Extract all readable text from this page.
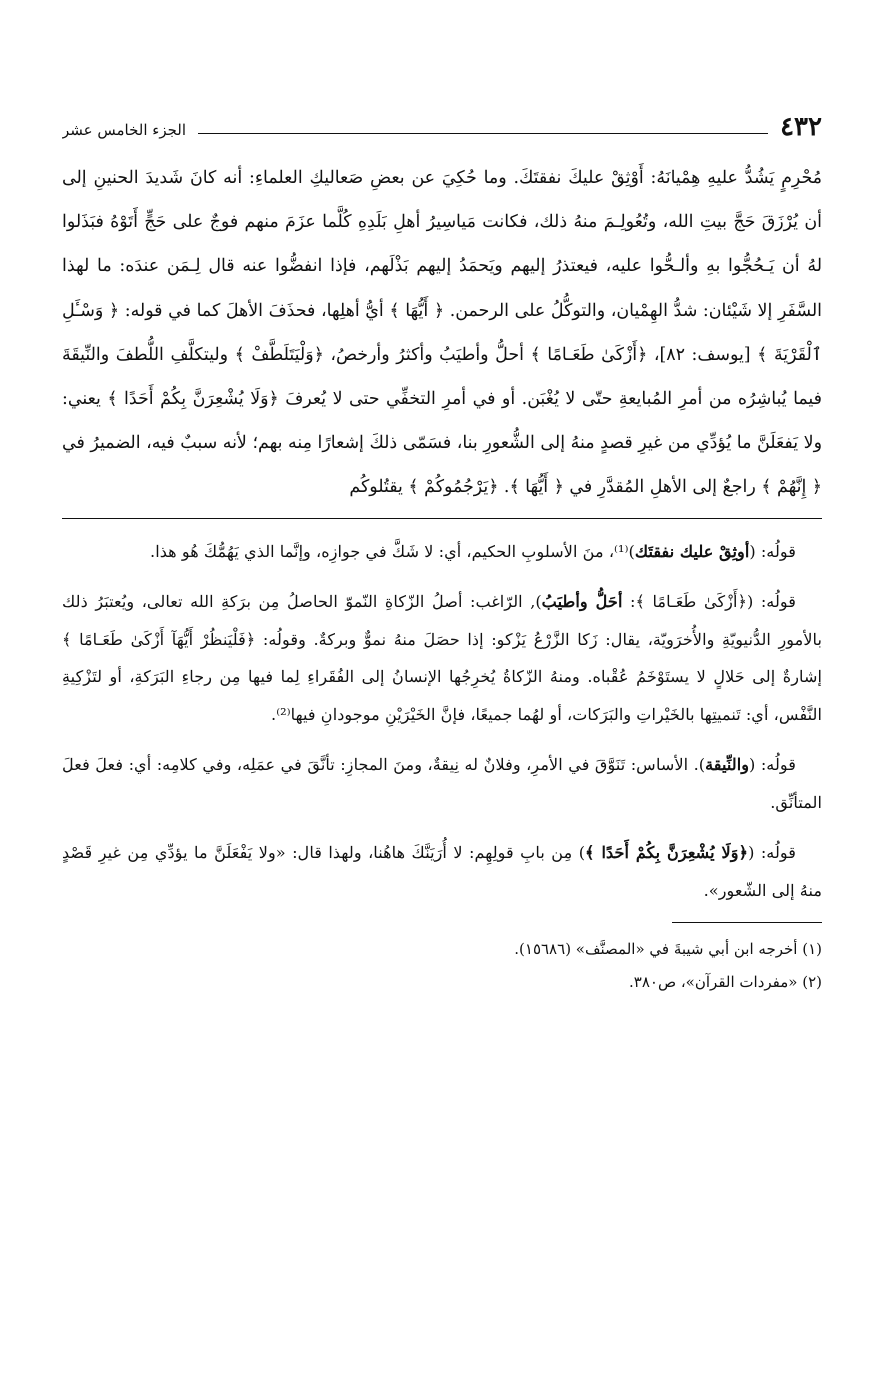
٤٣٢
الجزء الخامس عشر

مُحْرِمٍ يَشُدُّ عليهِ هِمْيانَهُ: أَوْثِقْ عليكَ نفقتَكَ. وما حُكِيَ عن بعضِ صَعاليكِ العلماءِ: أنه كانَ شَديدَ الحنينِ إلى أن يُرْزَقَ حَجَّ بيتِ الله، وتُعُولِـمَ منهُ ذلك، فكانت مَياسِيرُ أهلِ بَلَدِهِ كُلَّما عزَمَ منهم فوجٌ على حَجٍّ أَتَوْهُ فبَذَلوا لهُ أن يَـحُجُّوا بهِ وألـحُّوا عليه، فيعتذرُ إليهم ويَحمَدُ إليهم بَذْلَهم، فإذا انفضُّوا عنه قال لِـمَن عندَه: ما لهذا السَّفَرِ إلا شَيْئان: شدُّ الهِمْيان، والتوكُّلُ على الرحمن. ﴿ أَيُّهَا ﴾ أيُّ أهلِها، فحذَفَ الأهلَ كما في قوله: ﴿ وَسْـَٔلِ ٱلْقَرْيَةَ ﴾ [يوسف: ٨٢]، ﴿أَزْكَىٰ طَعَـامًا ﴾ أحلُّ وأطيَبُ وأكثرُ وأرخصُ، ﴿وَلْيَتَلَطَّفْ ﴾ وليتكلَّفِ اللُّطفَ والنِّيقَةَ فيما يُباشِرُه من أمرِ المُبايعةِ حتّى لا يُغْبَن. أو في أمرِ التخفِّي حتى لا يُعرفَ ﴿وَلَا يُشْعِرَنَّ بِكُمْ أَحَدًا ﴾ يعني: ولا يَفعَلَنَّ ما يُؤدِّي من غيرِ قصدٍ منهُ إلى الشُّعورِ بنا، فسَمّى ذلكَ إشعارًا مِنه بهم؛ لأنه سببٌ فيه، الضميرُ في ﴿ إِنَّهُمْ ﴾ راجعٌ إلى الأهلِ المُقدَّرِ في ﴿ أَيُّهَا ﴾. ﴿يَرْجُمُوكُمْ ﴾ يقتُلوكُم

قولُه: (أوثِقْ عليك نفقتَك)⁽¹⁾، منَ الأسلوبِ الحكيم، أي: لا شَكَّ في جوازِه، وإنَّما الذي يَهُمُّكَ هُو هذا.

قولُه: (﴿أَزْكَىٰ طَعَـامًا ﴾: أحَلُّ وأطيَبُ), الرّاغب: أصلُ الزّكاةِ النّموّ الحاصلُ مِن برَكةِ الله تعالى، ويُعتبَرُ ذلك بالأمورِ الدُّنيويّةِ والأُخرَويّة، يقال: زَكا الزَّرْعُ يَزْكو: إذا حصَلَ منهُ نموٌّ وبركةٌ. وقولُه: ﴿فَلْيَنظُرْ أَيُّهَآ أَزْكَىٰ طَعَـامًا ﴾ إشارةٌ إلى حَلالٍ لا يستَوْخَمُ عُقْباه. ومنهُ الزّكاةُ يُخرِجُها الإنسانُ إلى الفُقَراءِ لِما فيها مِن رجاءِ البَرَكةِ، أو لتَزْكِيةِ النَّفْس، أي: تَنميتِها بالخَيْراتِ والبَرَكات، أو لهُما جميعًا، فإنَّ الخَيْرَيْنِ موجودانِ فيها⁽²⁾.

قولُه: (والنِّيقة). الأساس: تَنَوَّقَ في الأمرِ، وفلانٌ له نِيقةٌ، ومنَ المجازِ: تأنَّقَ في عمَلِه، وفي كلامِه: أي: فعلَ فعلَ المتأنِّق.

قولُه: (﴿وَلَا يُشْعِرَنَّ بِكُمْ أَحَدًا ﴾) مِن بابِ قولِهِم: لا أُرَيَنَّكَ هاهُنا، ولهذا قال: «ولا يَفْعَلَنَّ ما يؤدِّي مِن غيرِ قَصْدٍ منهُ إلى الشّعور».

(١) أخرجه ابن أبي شيبةَ في «المصنَّف» (١٥٦٨٦).

(٢) «مفردات القرآن»، ص٣٨٠.
